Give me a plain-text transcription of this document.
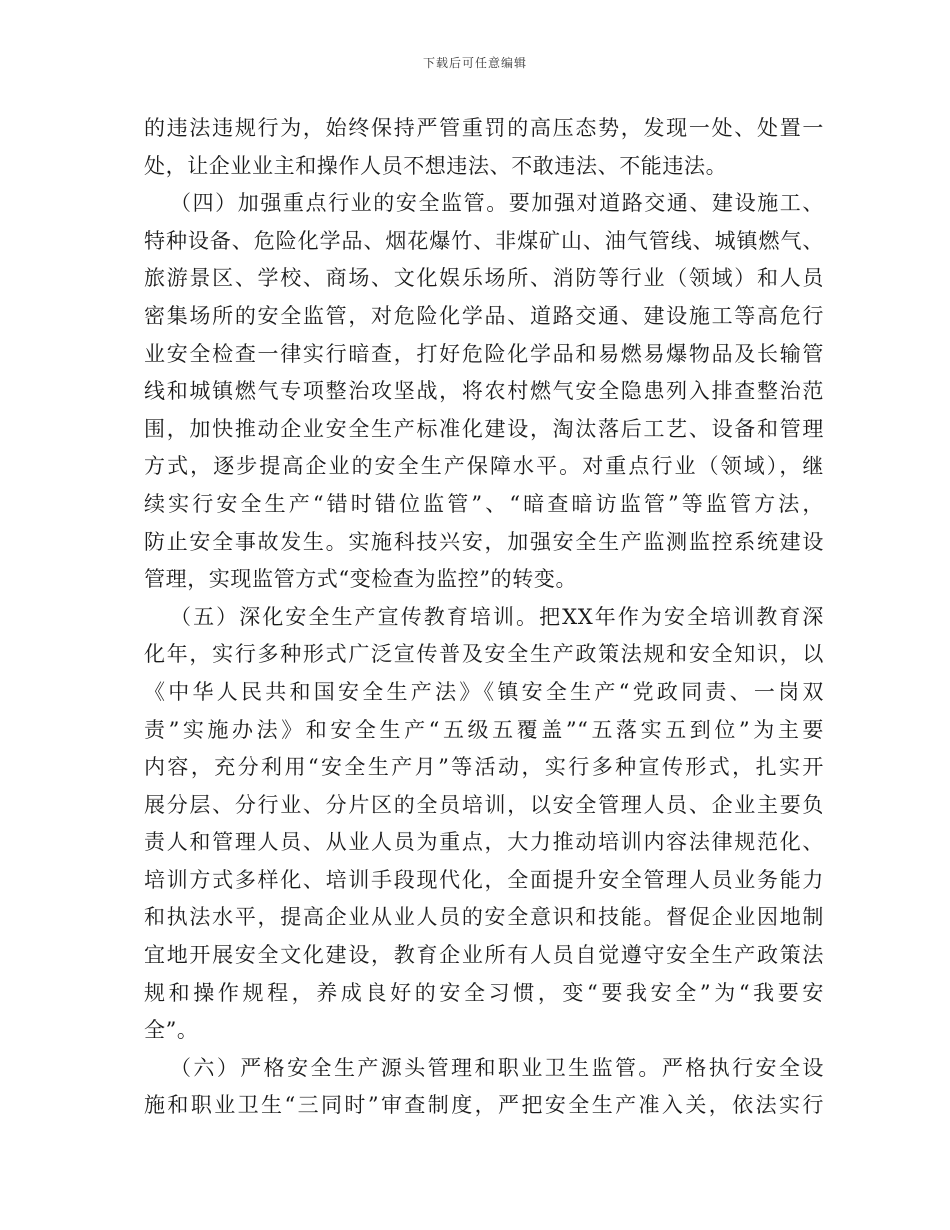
下载后可任意编辑
的违法违规行为，始终保持严管重罚的高压态势，发现一处、处置一
处，让企业业主和操作人员不想违法、不敢违法、不能违法。
（四）加强重点行业的安全监管。要加强对道路交通、建设施工、
特种设备、危险化学品、烟花爆竹、非煤矿山、油气管线、城镇燃气、
旅游景区、学校、商场、文化娱乐场所、消防等行业（领域）和人员
密集场所的安全监管，对危险化学品、道路交通、建设施工等高危行
业安全检查一律实行暗查，打好危险化学品和易燃易爆物品及长输管
线和城镇燃气专项整治攻坚战，将农村燃气安全隐患列入排查整治范
围，加快推动企业安全生产标准化建设，淘汰落后工艺、设备和管理
方式，逐步提高企业的安全生产保障水平。对重点行业（领域），继
续实行安全生产“错时错位监管”、“暗查暗访监管”等监管方法，
防止安全事故发生。实施科技兴安，加强安全生产监测监控系统建设
管理，实现监管方式“变检查为监控”的转变。
（五）深化安全生产宣传教育培训。把XX年作为安全培训教育深
化年，实行多种形式广泛宣传普及安全生产政策法规和安全知识，以
《中华人民共和国安全生产法》《镇安全生产“党政同责、一岗双
责”实施办法》和安全生产“五级五覆盖”“五落实五到位”为主要
内容，充分利用“安全生产月”等活动，实行多种宣传形式，扎实开
展分层、分行业、分片区的全员培训，以安全管理人员、企业主要负
责人和管理人员、从业人员为重点，大力推动培训内容法律规范化、
培训方式多样化、培训手段现代化，全面提升安全管理人员业务能力
和执法水平，提高企业从业人员的安全意识和技能。督促企业因地制
宜地开展安全文化建设，教育企业所有人员自觉遵守安全生产政策法
规和操作规程，养成良好的安全习惯，变“要我安全”为“我要安
全”。
（六）严格安全生产源头管理和职业卫生监管。严格执行安全设
施和职业卫生“三同时”审查制度，严把安全生产准入关，依法实行
